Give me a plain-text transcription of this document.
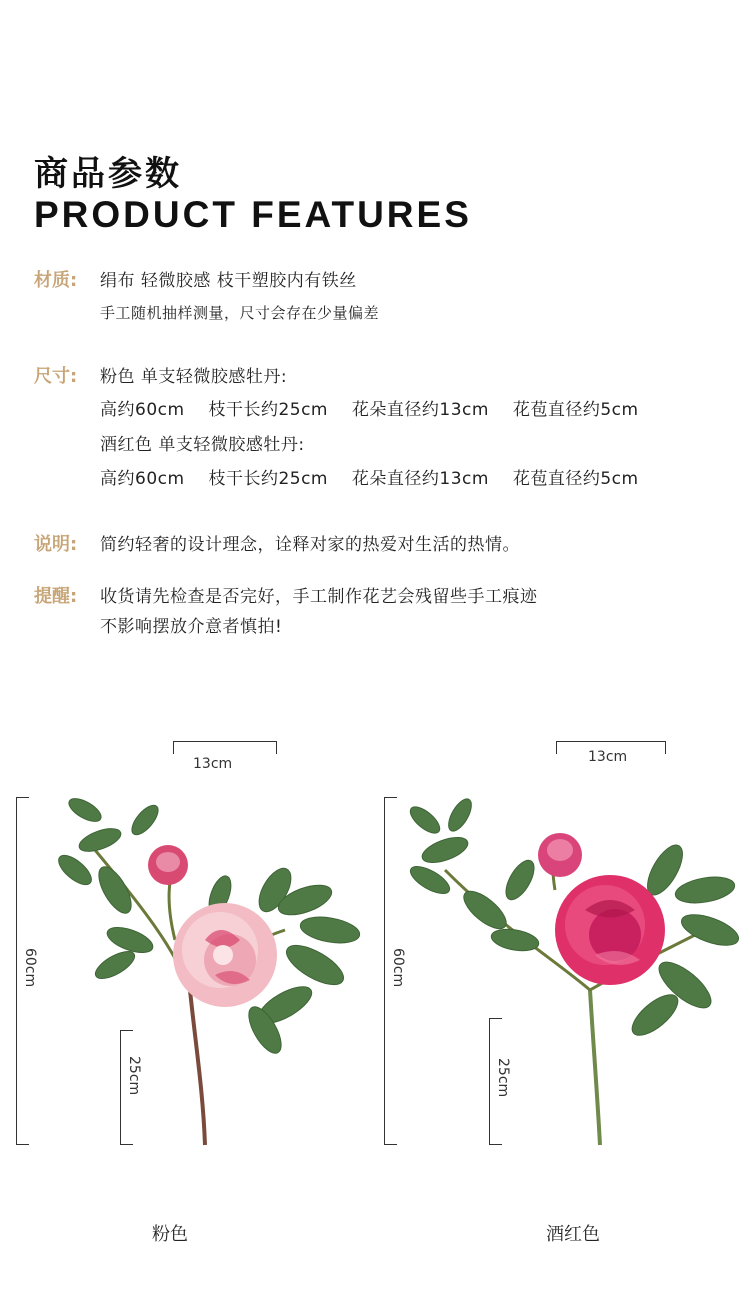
商品参数
PRODUCT FEATURES
材质: 绢布 轻微胶感 枝干塑胶内有铁丝
手工随机抽样测量，尺寸会存在少量偏差
尺寸: 粉色 单支轻微胶感牡丹:
高约60cm 枝干长约25cm 花朵直径约13cm 花苞直径约5cm
酒红色 单支轻微胶感牡丹:
高约60cm 枝干长约25cm 花朵直径约13cm 花苞直径约5cm
说明: 简约轻奢的设计理念，诠释对家的热爱对生活的热情。
提醒: 收货请先检查是否完好，手工制作花艺会残留些手工痕迹
不影响摆放介意者慎拍!
13cm
60cm
25cm
13cm
60cm
25cm
粉色	酒红色
